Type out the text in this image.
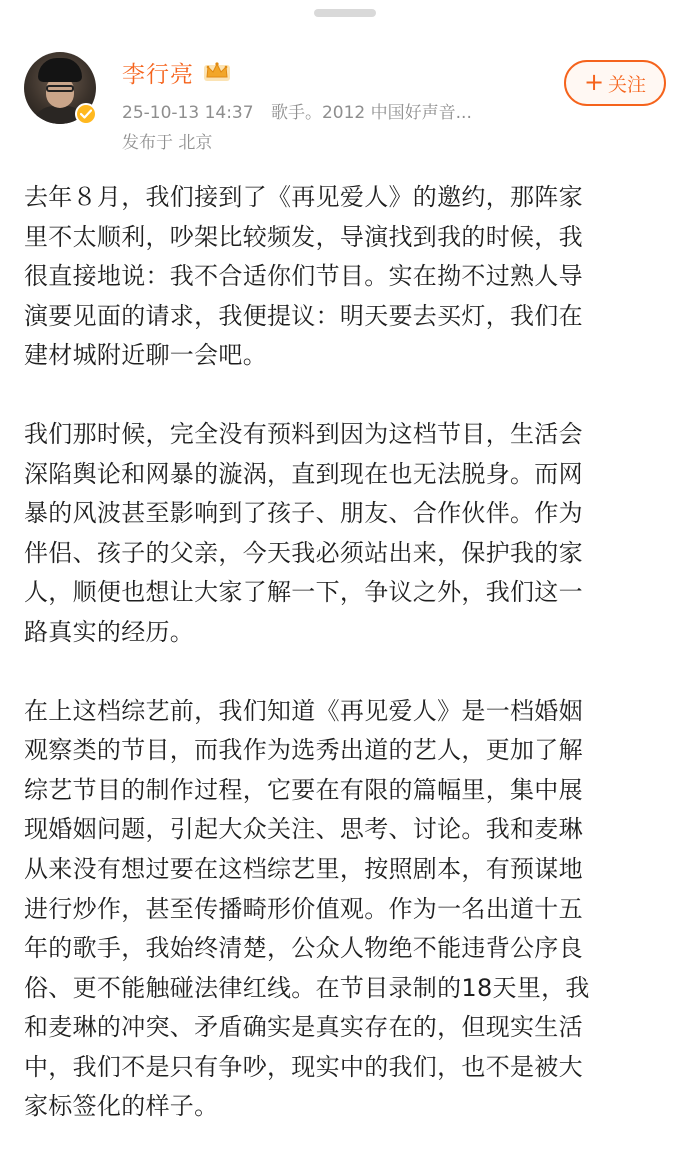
李行亮
25-10-13 14:37 歌手。2012 中国好声音...
发布于 北京
+ 关注
去年８月，我们接到了《再见爱人》的邀约，那阵家
里不太顺利，吵架比较频发，导演找到我的时候，我
很直接地说：我不合适你们节目。实在拗不过熟人导
演要见面的请求，我便提议：明天要去买灯，我们在
建材城附近聊一会吧。
我们那时候，完全没有预料到因为这档节目，生活会
深陷舆论和网暴的漩涡，直到现在也无法脱身。而网
暴的风波甚至影响到了孩子、朋友、合作伙伴。作为
伴侣、孩子的父亲，今天我必须站出来，保护我的家
人，顺便也想让大家了解一下，争议之外，我们这一
路真实的经历。
在上这档综艺前，我们知道《再见爱人》是一档婚姻
观察类的节目，而我作为选秀出道的艺人，更加了解
综艺节目的制作过程，它要在有限的篇幅里，集中展
现婚姻问题，引起大众关注、思考、讨论。我和麦琳
从来没有想过要在这档综艺里，按照剧本，有预谋地
进行炒作，甚至传播畸形价值观。作为一名出道十五
年的歌手，我始终清楚，公众人物绝不能违背公序良
俗、更不能触碰法律红线。在节目录制的18天里，我
和麦琳的冲突、矛盾确实是真实存在的，但现实生活
中，我们不是只有争吵，现实中的我们，也不是被大
家标签化的样子。
